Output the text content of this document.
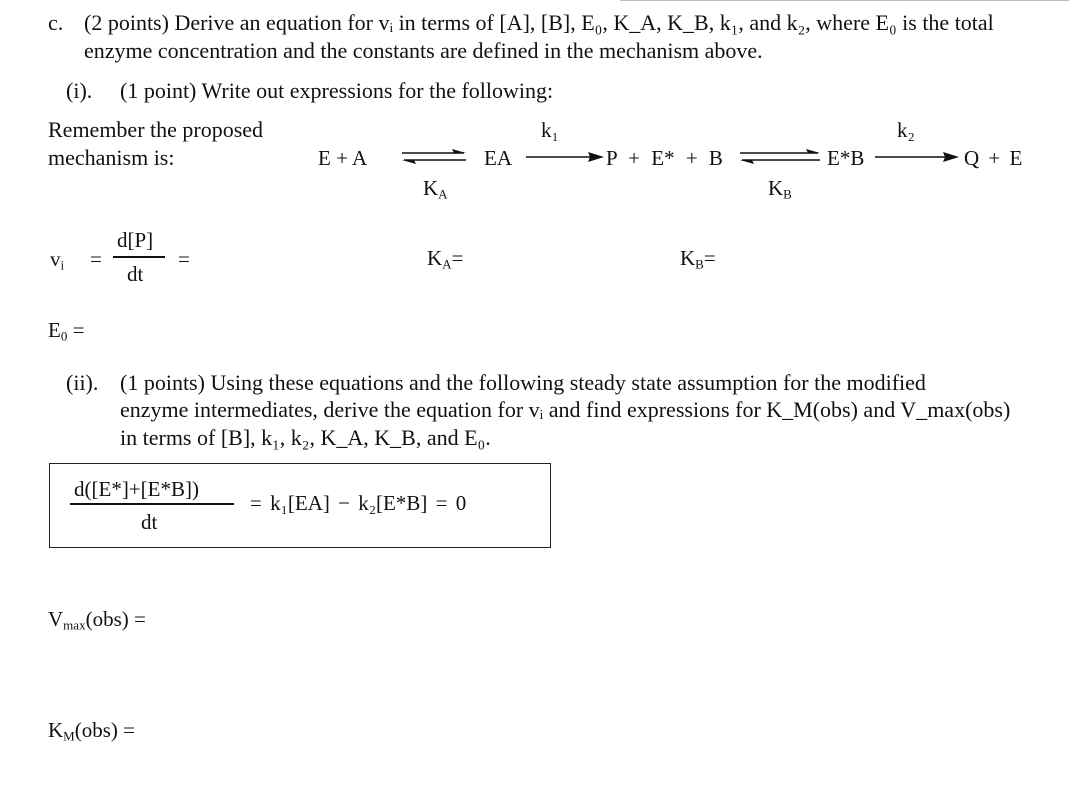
c. (2 points) Derive an equation for vᵢ in terms of [A], [B], E₀, K_A, K_B, k₁, and k₂, where E₀ is the total
enzyme concentration and the constants are defined in the mechanism above.
(i). (1 point) Write out expressions for the following:
Remember the proposed
mechanism is:	E + A
$K_A$
EA
k₁
P + E* + B
$K_B$
E*B
k₂
Q + E
$v_i$ =
d[P]
dt
=	$K_A=$	$K_B=$
$E_0$ =
(ii). (1 points) Using these equations and the following steady state assumption for the modified
enzyme intermediates, derive the equation for vᵢ and find expressions for K_M(obs) and V_max(obs)
in terms of [B], k₁, k₂, K_A, K_B, and E₀.
d([E*]+[E*B])
dt
= k₁[EA] − k₂[E*B] = 0
$V_{max}(obs)$ =
$K_M(obs)$ =
